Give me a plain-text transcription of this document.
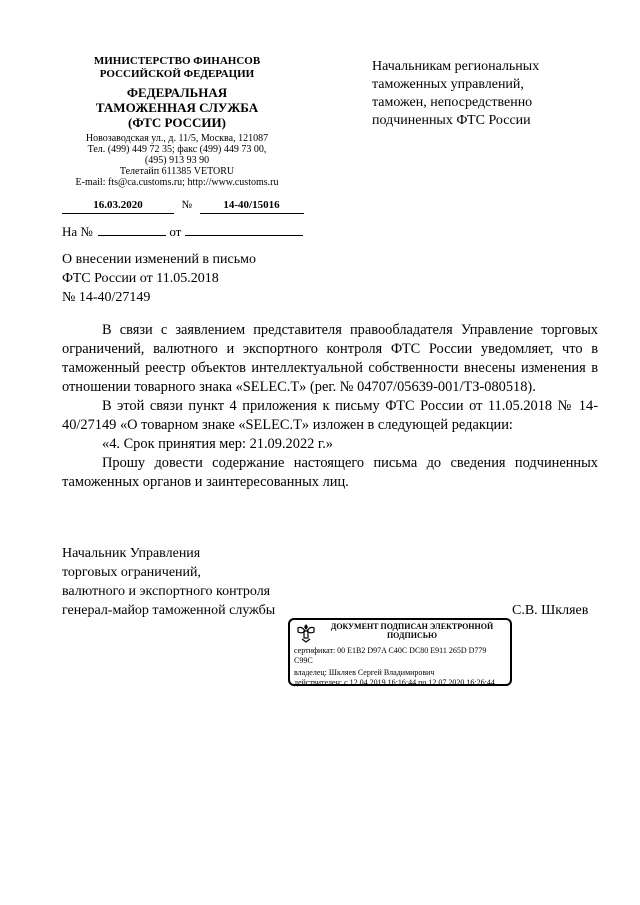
МИНИСТЕРСТВО ФИНАНСОВ
РОССИЙСКОЙ ФЕДЕРАЦИИ
ФЕДЕРАЛЬНАЯ
ТАМОЖЕННАЯ СЛУЖБА
(ФТС РОССИИ)
Новозаводская ул., д. 11/5, Москва, 121087
Тел. (499) 449 72 35; факс (499) 449 73 00,
(495) 913 93 90
Телетайп 611385 VETORU
E-mail: fts@ca.customs.ru; http://www.customs.ru
16.03.2020	№	14-40/15016
На №	от
Начальникам региональных
таможенных управлений,
таможен, непосредственно
подчиненных ФТС России
О внесении изменений в письмо
ФТС России от 11.05.2018
№ 14-40/27149

В связи с заявлением представителя правообладателя Управление торговых ограничений, валютного и экспортного контроля ФТС России уведомляет, что в таможенный реестр объектов интеллектуальной собственности внесены изменения в отношении товарного знака «SELEC.T» (рег. № 04707/05639-001/ТЗ-080518).

В этой связи пункт 4 приложения к письму ФТС России от 11.05.2018 № 14-40/27149 «О товарном знаке «SELEC.T» изложен в следующей редакции:

«4. Срок принятия мер: 21.09.2022 г.»

Прошу довести содержание настоящего письма до сведения подчиненных таможенных органов и заинтересованных лиц.

Начальник Управления
торговых ограничений,
валютного и экспортного контроля
генерал-майор таможенной службы	С.В. Шкляев
ДОКУМЕНТ ПОДПИСАН ЭЛЕКТРОННОЙ
ПОДПИСЬЮ
сертификат: 00 E1B2 D97A C40C DC80 E911 265D D779
C99C
владелец: Шкляев Сергей Владимирович
действителен: с 12.04.2019 16:16:44 по 12.07.2020 16:26:44
